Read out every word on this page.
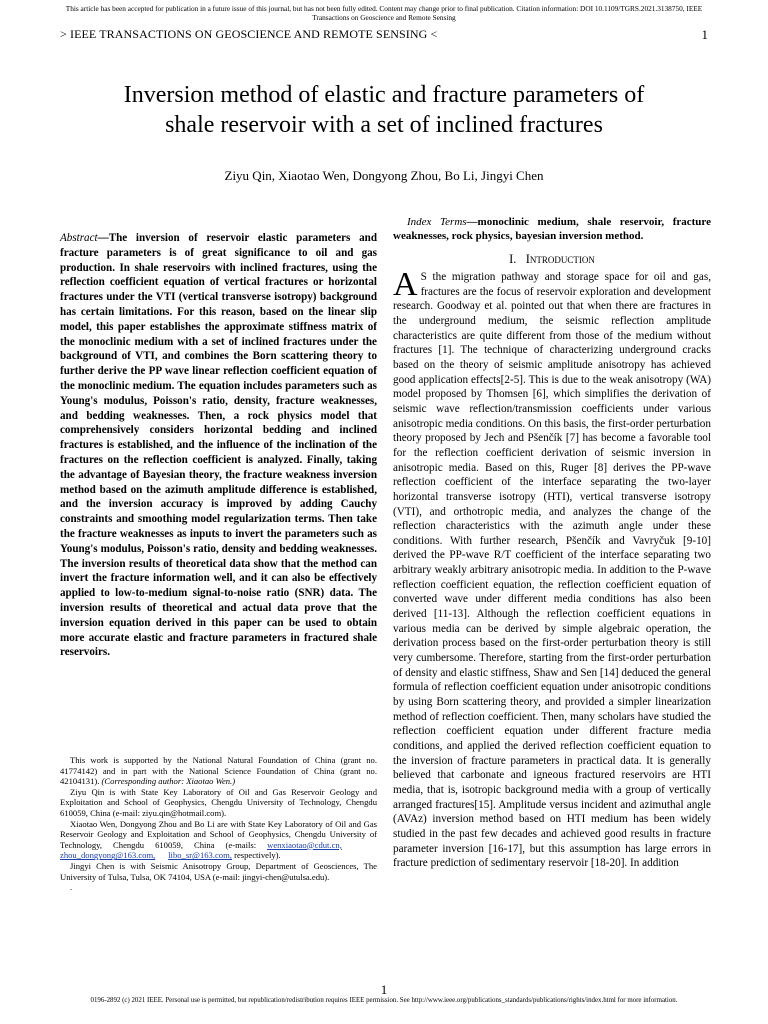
This article has been accepted for publication in a future issue of this journal, but has not been fully edited. Content may change prior to final publication. Citation information: DOI 10.1109/TGRS.2021.3138750, IEEE
Transactions on Geoscience and Remote Sensing
> IEEE TRANSACTIONS ON GEOSCIENCE AND REMOTE SENSING <	1
Inversion method of elastic and fracture parameters of
shale reservoir with a set of inclined fractures
Ziyu Qin, Xiaotao Wen, Dongyong Zhou, Bo Li, Jingyi Chen

Abstract—The inversion of reservoir elastic parameters and fracture parameters is of great significance to oil and gas production. In shale reservoirs with inclined fractures, using the reflection coefficient equation of vertical fractures or horizontal fractures under the VTI (vertical transverse isotropy) background has certain limitations. For this reason, based on the linear slip model, this paper establishes the approximate stiffness matrix of the monoclinic medium with a set of inclined fractures under the background of VTI, and combines the Born scattering theory to further derive the PP wave linear reflection coefficient equation of the monoclinic medium. The equation includes parameters such as Young's modulus, Poisson's ratio, density, fracture weaknesses, and bedding weaknesses. Then, a rock physics model that comprehensively considers horizontal bedding and inclined fractures is established, and the influence of the inclination of the fractures on the reflection coefficient is analyzed. Finally, taking the advantage of Bayesian theory, the fracture weakness inversion method based on the azimuth amplitude difference is established, and the inversion accuracy is improved by adding Cauchy constraints and smoothing model regularization terms. Then take the fracture weaknesses as inputs to invert the parameters such as Young's modulus, Poisson's ratio, density and bedding weaknesses. The inversion results of theoretical data show that the method can invert the fracture information well, and it can also be effectively applied to low-to-medium signal-to-noise ratio (SNR) data. The inversion results of theoretical and actual data prove that the inversion equation derived in this paper can be used to obtain more accurate elastic and fracture parameters in fractured shale reservoirs.

This work is supported by the National Natural Foundation of China (grant no. 41774142) and in part with the National Science Foundation of China (grant no. 42104131). (Corresponding author: Xiaotao Wen.)

Ziyu Qin is with State Key Laboratory of Oil and Gas Reservoir Geology and Exploitation and School of Geophysics, Chengdu University of Technology, Chengdu 610059, China (e-mail: ziyu.qin@hotmail.com).

Xiaotao Wen, Dongyong Zhou and Bo Li are with State Key Laboratory of Oil and Gas Reservoir Geology and Exploitation and School of Geophysics, Chengdu University of Technology, Chengdu 610059, China (e-mails: wenxiaotao@cdut.cn,     zhou_dongyong@163.com, libo_sr@163.com, respectively).

Jingyi Chen is with Seismic Anisotropy Group, Department of Geosciences, The University of Tulsa, Tulsa, OK 74104, USA (e-mail: jingyi-chen@utulsa.edu).

.

Index Terms—monoclinic medium, shale reservoir, fracture weaknesses, rock physics, bayesian inversion method.

I. Introduction

A S the migration pathway and storage space for oil and gas, fractures are the focus of reservoir exploration and development research. Goodway et al. pointed out that when there are fractures in the underground medium, the seismic reflection amplitude characteristics are quite different from those of the medium without fractures [1]. The technique of characterizing underground cracks based on the theory of seismic amplitude anisotropy has achieved good application effects[2-5]. This is due to the weak anisotropy (WA) model proposed by Thomsen [6], which simplifies the derivation of seismic wave reflection/transmission coefficients under various anisotropic media conditions. On this basis, the first-order perturbation theory proposed by Jech and Pšenčík [7] has become a favorable tool for the reflection coefficient derivation of seismic inversion in anisotropic media. Based on this, Ruger [8] derives the PP-wave reflection coefficient of the interface separating the two-layer horizontal transverse isotropy (HTI), vertical transverse isotropy (VTI), and orthotropic media, and analyzes the change of the reflection characteristics with the azimuth angle under these conditions. With further research, Pšenčík and Vavryčuk [9-10] derived the PP-wave R/T coefficient of the interface separating two arbitrary weakly arbitrary anisotropic media. In addition to the P-wave reflection coefficient equation, the reflection coefficient equation of converted wave under different media conditions has also been derived [11-13]. Although the reflection coefficient equations in various media can be derived by simple algebraic operation, the derivation process based on the first-order perturbation theory is still very cumbersome. Therefore, starting from the first-order perturbation of density and elastic stiffness, Shaw and Sen [14] deduced the general formula of reflection coefficient equation under anisotropic conditions by using Born scattering theory, and provided a simpler linearization method of reflection coefficient. Then, many scholars have studied the reflection coefficient equation under different fracture media conditions, and applied the derived reflection coefficient equation to the inversion of fracture parameters in practical data. It is generally believed that carbonate and igneous fractured reservoirs are HTI media, that is, isotropic background media with a group of vertically arranged fractures[15]. Amplitude versus incident and azimuthal angle (AVAz) inversion method based on HTI medium has been widely studied in the past few decades and achieved good results in fracture parameter inversion [16-17], but this assumption has large errors in fracture prediction of sedimentary reservoir [18-20]. In addition

1
0196-2892 (c) 2021 IEEE. Personal use is permitted, but republication/redistribution requires IEEE permission. See http://www.ieee.org/publications_standards/publications/rights/index.html for more information.
